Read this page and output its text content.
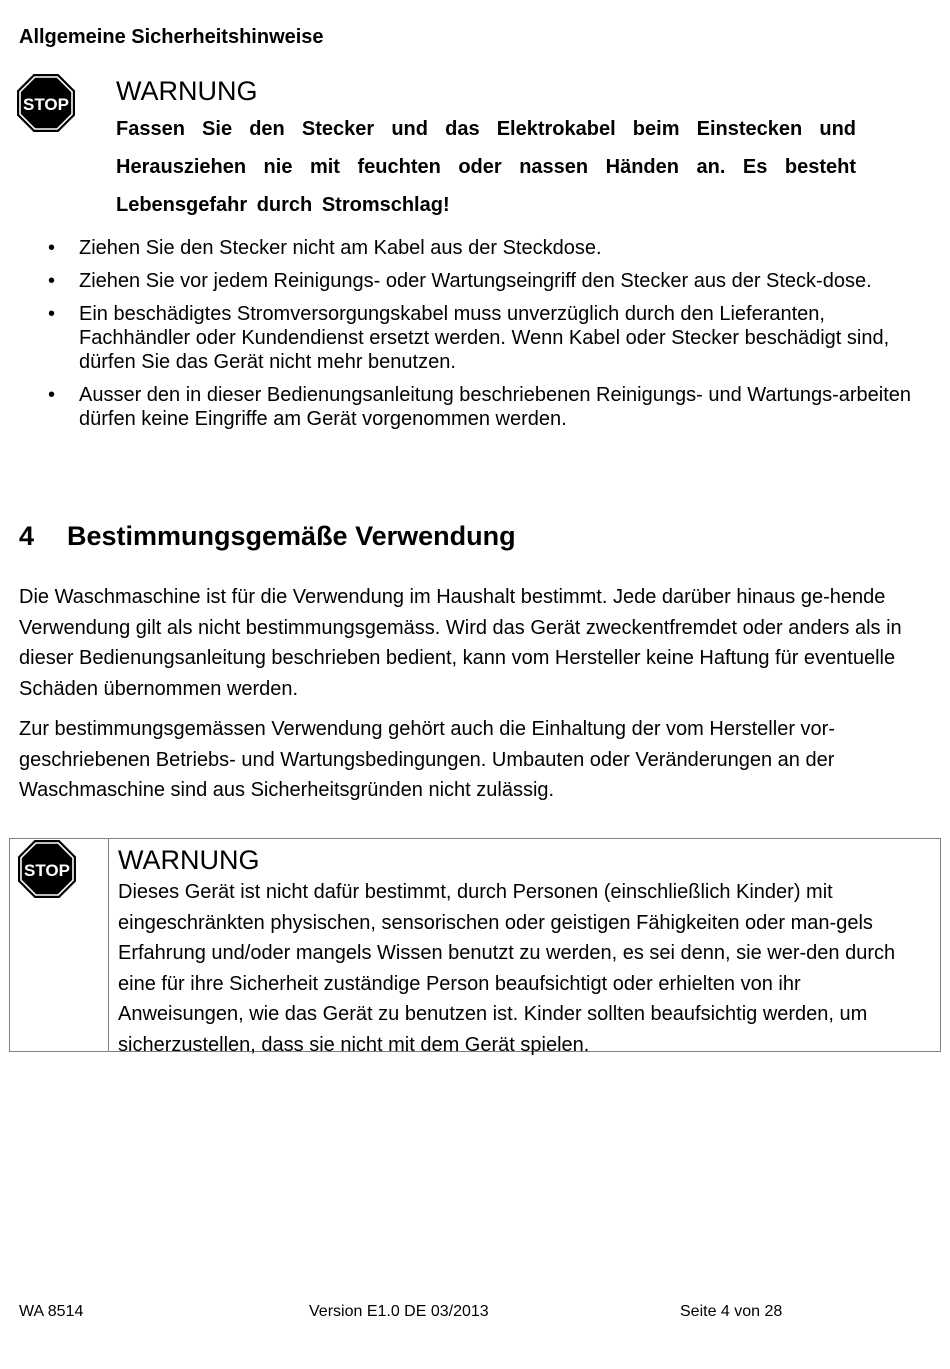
Allgemeine Sicherheitshinweise
STOP WARNUNG
Fassen Sie den Stecker und das Elektrokabel beim Einstecken und Herausziehen nie mit feuchten oder nassen Händen an. Es besteht Lebensgefahr durch Stromschlag!
• Ziehen Sie den Stecker nicht am Kabel aus der Steckdose.
• Ziehen Sie vor jedem Reinigungs- oder Wartungseingriff den Stecker aus der Steck-dose.
• Ein beschädigtes Stromversorgungskabel muss unverzüglich durch den Lieferanten, Fachhändler oder Kundendienst ersetzt werden. Wenn Kabel oder Stecker beschädigt sind, dürfen Sie das Gerät nicht mehr benutzen.
• Ausser den in dieser Bedienungsanleitung beschriebenen Reinigungs- und Wartungs-arbeiten dürfen keine Eingriffe am Gerät vorgenommen werden.
4 Bestimmungsgemäße Verwendung

Die Waschmaschine ist für die Verwendung im Haushalt bestimmt. Jede darüber hinaus ge-hende Verwendung gilt als nicht bestimmungsgemäss. Wird das Gerät zweckentfremdet oder anders als in dieser Bedienungsanleitung beschrieben bedient, kann vom Hersteller keine Haftung für eventuelle Schäden übernommen werden.

Zur bestimmungsgemässen Verwendung gehört auch die Einhaltung der vom Hersteller vor-geschriebenen Betriebs- und Wartungsbedingungen. Umbauten oder Veränderungen an der Waschmaschine sind aus Sicherheitsgründen nicht zulässig.

STOP WARNUNG
Dieses Gerät ist nicht dafür bestimmt, durch Personen (einschließlich Kinder) mit eingeschränkten physischen, sensorischen oder geistigen Fähigkeiten oder man-gels Erfahrung und/oder mangels Wissen benutzt zu werden, es sei denn, sie wer-den durch eine für ihre Sicherheit zuständige Person beaufsichtigt oder erhielten von ihr Anweisungen, wie das Gerät zu benutzen ist. Kinder sollten beaufsichtig werden, um sicherzustellen, dass sie nicht mit dem Gerät spielen.
WA 8514	Version E1.0 DE 03/2013	Seite 4 von 28
